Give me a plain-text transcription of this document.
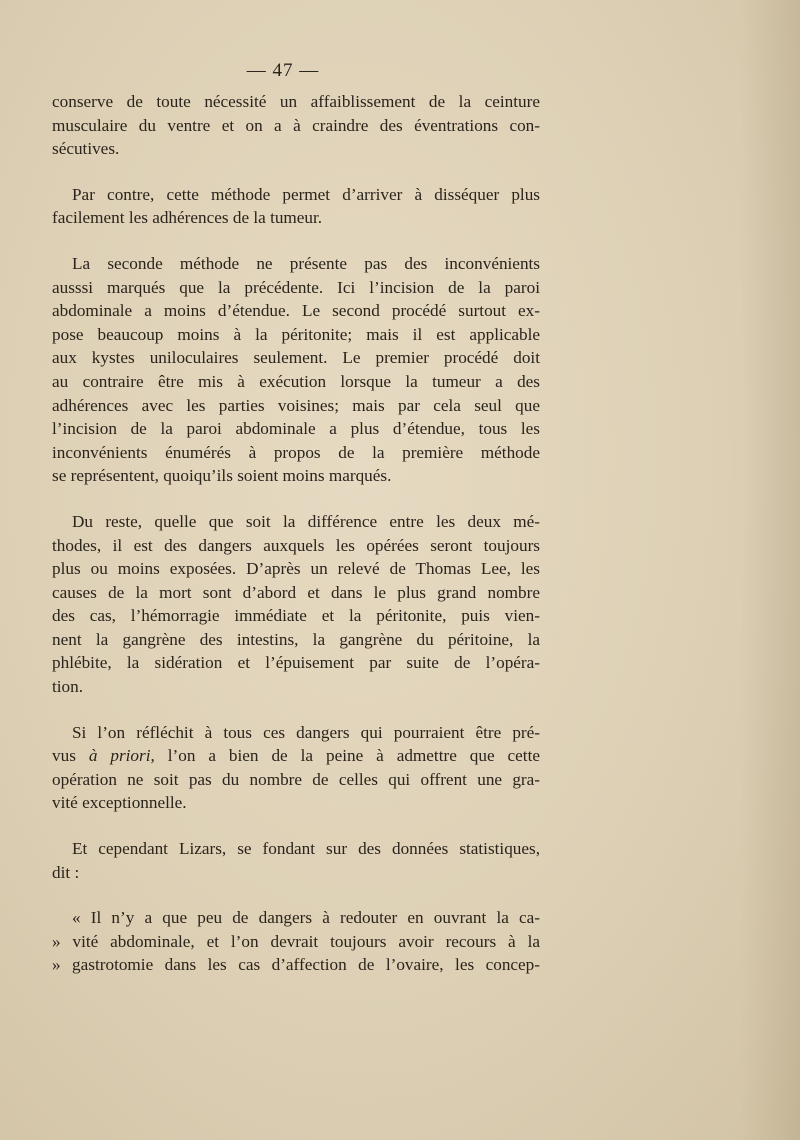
— 47 —

conserve de toute nécessité un affaiblissement de la ceinture

musculaire du ventre et on a à craindre des éventrations con-

sécutives.

Par contre, cette méthode permet d’arriver à disséquer plus

facilement les adhérences de la tumeur.

La seconde méthode ne présente pas des inconvénients

ausssi marqués que la précédente. Ici l’incision de la paroi

abdominale a moins d’étendue. Le second procédé surtout ex-

pose beaucoup moins à la péritonite; mais il est applicable

aux kystes uniloculaires seulement. Le premier procédé doit

au contraire être mis à exécution lorsque la tumeur a des

adhérences avec les parties voisines; mais par cela seul que

l’incision de la paroi abdominale a plus d’étendue, tous les

inconvénients énumérés à propos de la première méthode

se représentent, quoiqu’ils soient moins marqués.

Du reste, quelle que soit la différence entre les deux mé-

thodes, il est des dangers auxquels les opérées seront toujours

plus ou moins exposées. D’après un relevé de Thomas Lee, les

causes de la mort sont d’abord et dans le plus grand nombre

des cas, l’hémorragie immédiate et la péritonite, puis vien-

nent la gangrène des intestins, la gangrène du péritoine, la

phlébite, la sidération et l’épuisement par suite de l’opéra-

tion.

Si l’on réfléchit à tous ces dangers qui pourraient être pré-

vus à priori, l’on a bien de la peine à admettre que cette

opération ne soit pas du nombre de celles qui offrent une gra-

vité exceptionnelle.

Et cependant Lizars, se fondant sur des données statistiques,

dit :

« Il n’y a que peu de dangers à redouter en ouvrant la ca-

» vité abdominale, et l’on devrait toujours avoir recours à la

» gastrotomie dans les cas d’affection de l’ovaire, les concep-
